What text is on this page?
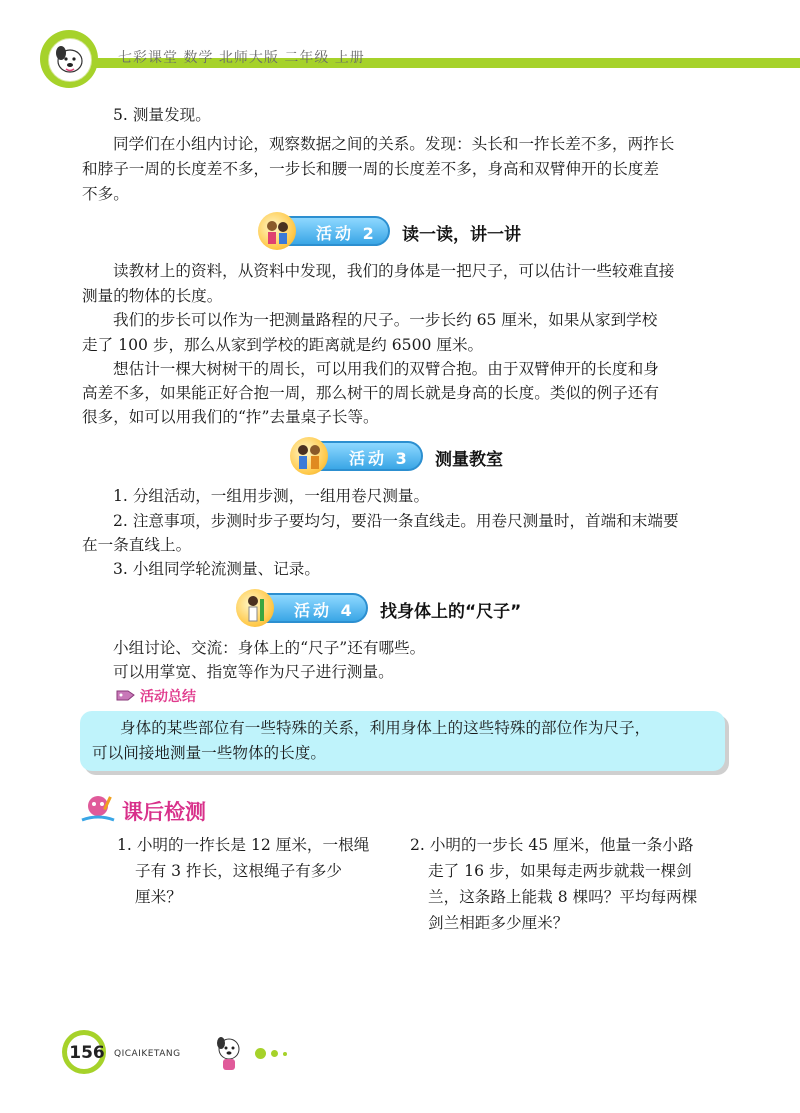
七彩课堂 数学 北师大版 二年级 上册

5. 测量发现。

同学们在小组内讨论，观察数据之间的关系。发现：头长和一拃长差不多，两拃长

和脖子一周的长度差不多，一步长和腰一周的长度差不多，身高和双臂伸开的长度差

不多。

活动 2 读一读，讲一讲

读教材上的资料，从资料中发现，我们的身体是一把尺子，可以估计一些较难直接

测量的物体的长度。

我们的步长可以作为一把测量路程的尺子。一步长约 65 厘米，如果从家到学校

走了 100 步，那么从家到学校的距离就是约 6500 厘米。

想估计一棵大树树干的周长，可以用我们的双臂合抱。由于双臂伸开的长度和身

高差不多，如果能正好合抱一周，那么树干的周长就是身高的长度。类似的例子还有

很多，如可以用我们的“拃”去量桌子长等。

活动 3 测量教室

1. 分组活动，一组用步测，一组用卷尺测量。

2. 注意事项，步测时步子要均匀，要沿一条直线走。用卷尺测量时，首端和末端要

在一条直线上。

3. 小组同学轮流测量、记录。

活动 4 找身体上的“尺子”

小组讨论、交流：身体上的“尺子”还有哪些。

可以用掌宽、指宽等作为尺子进行测量。

活动总结

身体的某些部位有一些特殊的关系，利用身体上的这些特殊的部位作为尺子，

可以间接地测量一些物体的长度。

课后检测

1. 小明的一拃长是 12 厘米，一根绳

子有 3 拃长，这根绳子有多少

厘米？

2. 小明的一步长 45 厘米，他量一条小路

走了 16 步，如果每走两步就栽一棵剑

兰，这条路上能栽 8 棵吗？平均每两棵

剑兰相距多少厘米？

156 QICAIKETANG
